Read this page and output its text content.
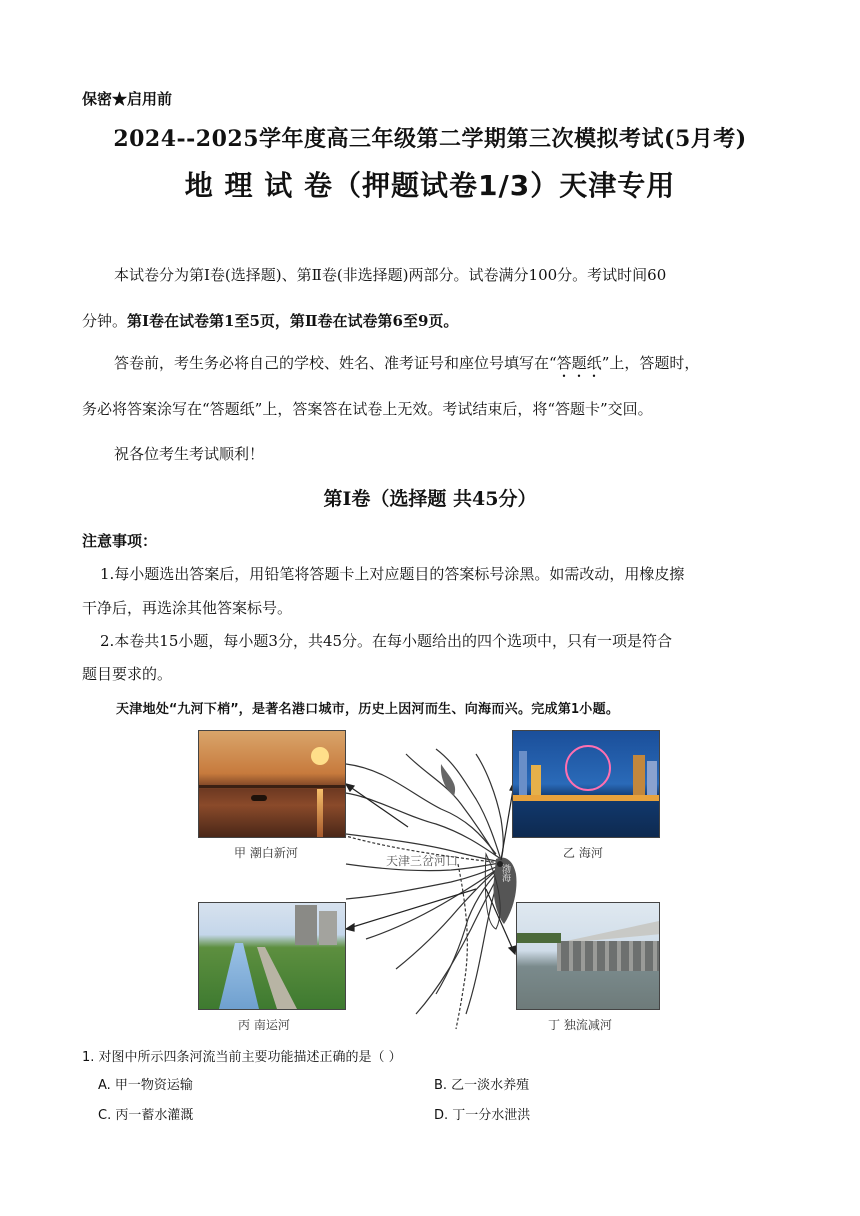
保密★启用前
2024--2025学年度高三年级第二学期第三次模拟考试(5月考)
地 理 试 卷（押题试卷1/3）天津专用
本试卷分为第Ⅰ卷(选择题)、第Ⅱ卷(非选择题)两部分。试卷满分100分。考试时间60
分钟。第Ⅰ卷在试卷第1至5页，第Ⅱ卷在试卷第6至9页。
答卷前，考生务必将自己的学校、姓名、准考证号和座位号填写在“答题纸”上，答题时，
务必将答案涂写在“答题纸”上，答案答在试卷上无效。考试结束后，将“答题卡”交回。
祝各位考生考试顺利！
第Ⅰ卷（选择题 共45分）
注意事项：
1.每小题选出答案后，用铅笔将答题卡上对应题目的答案标号涂黑。如需改动，用橡皮擦
干净后，再选涂其他答案标号。
2.本卷共15小题，每小题3分，共45分。在每小题给出的四个选项中，只有一项是符合
题目要求的。
天津地处“九河下梢”，是著名港口城市，历史上因河而生、向海而兴。完成第1小题。
天津三岔河口
渤海
甲 潮白新河	乙 海河
丙 南运河	丁 独流减河
1. 对图中所示四条河流当前主要功能描述正确的是（ ）
A. 甲一物资运输	B. 乙一淡水养殖
C. 丙一蓄水灌溉	D. 丁一分水泄洪
